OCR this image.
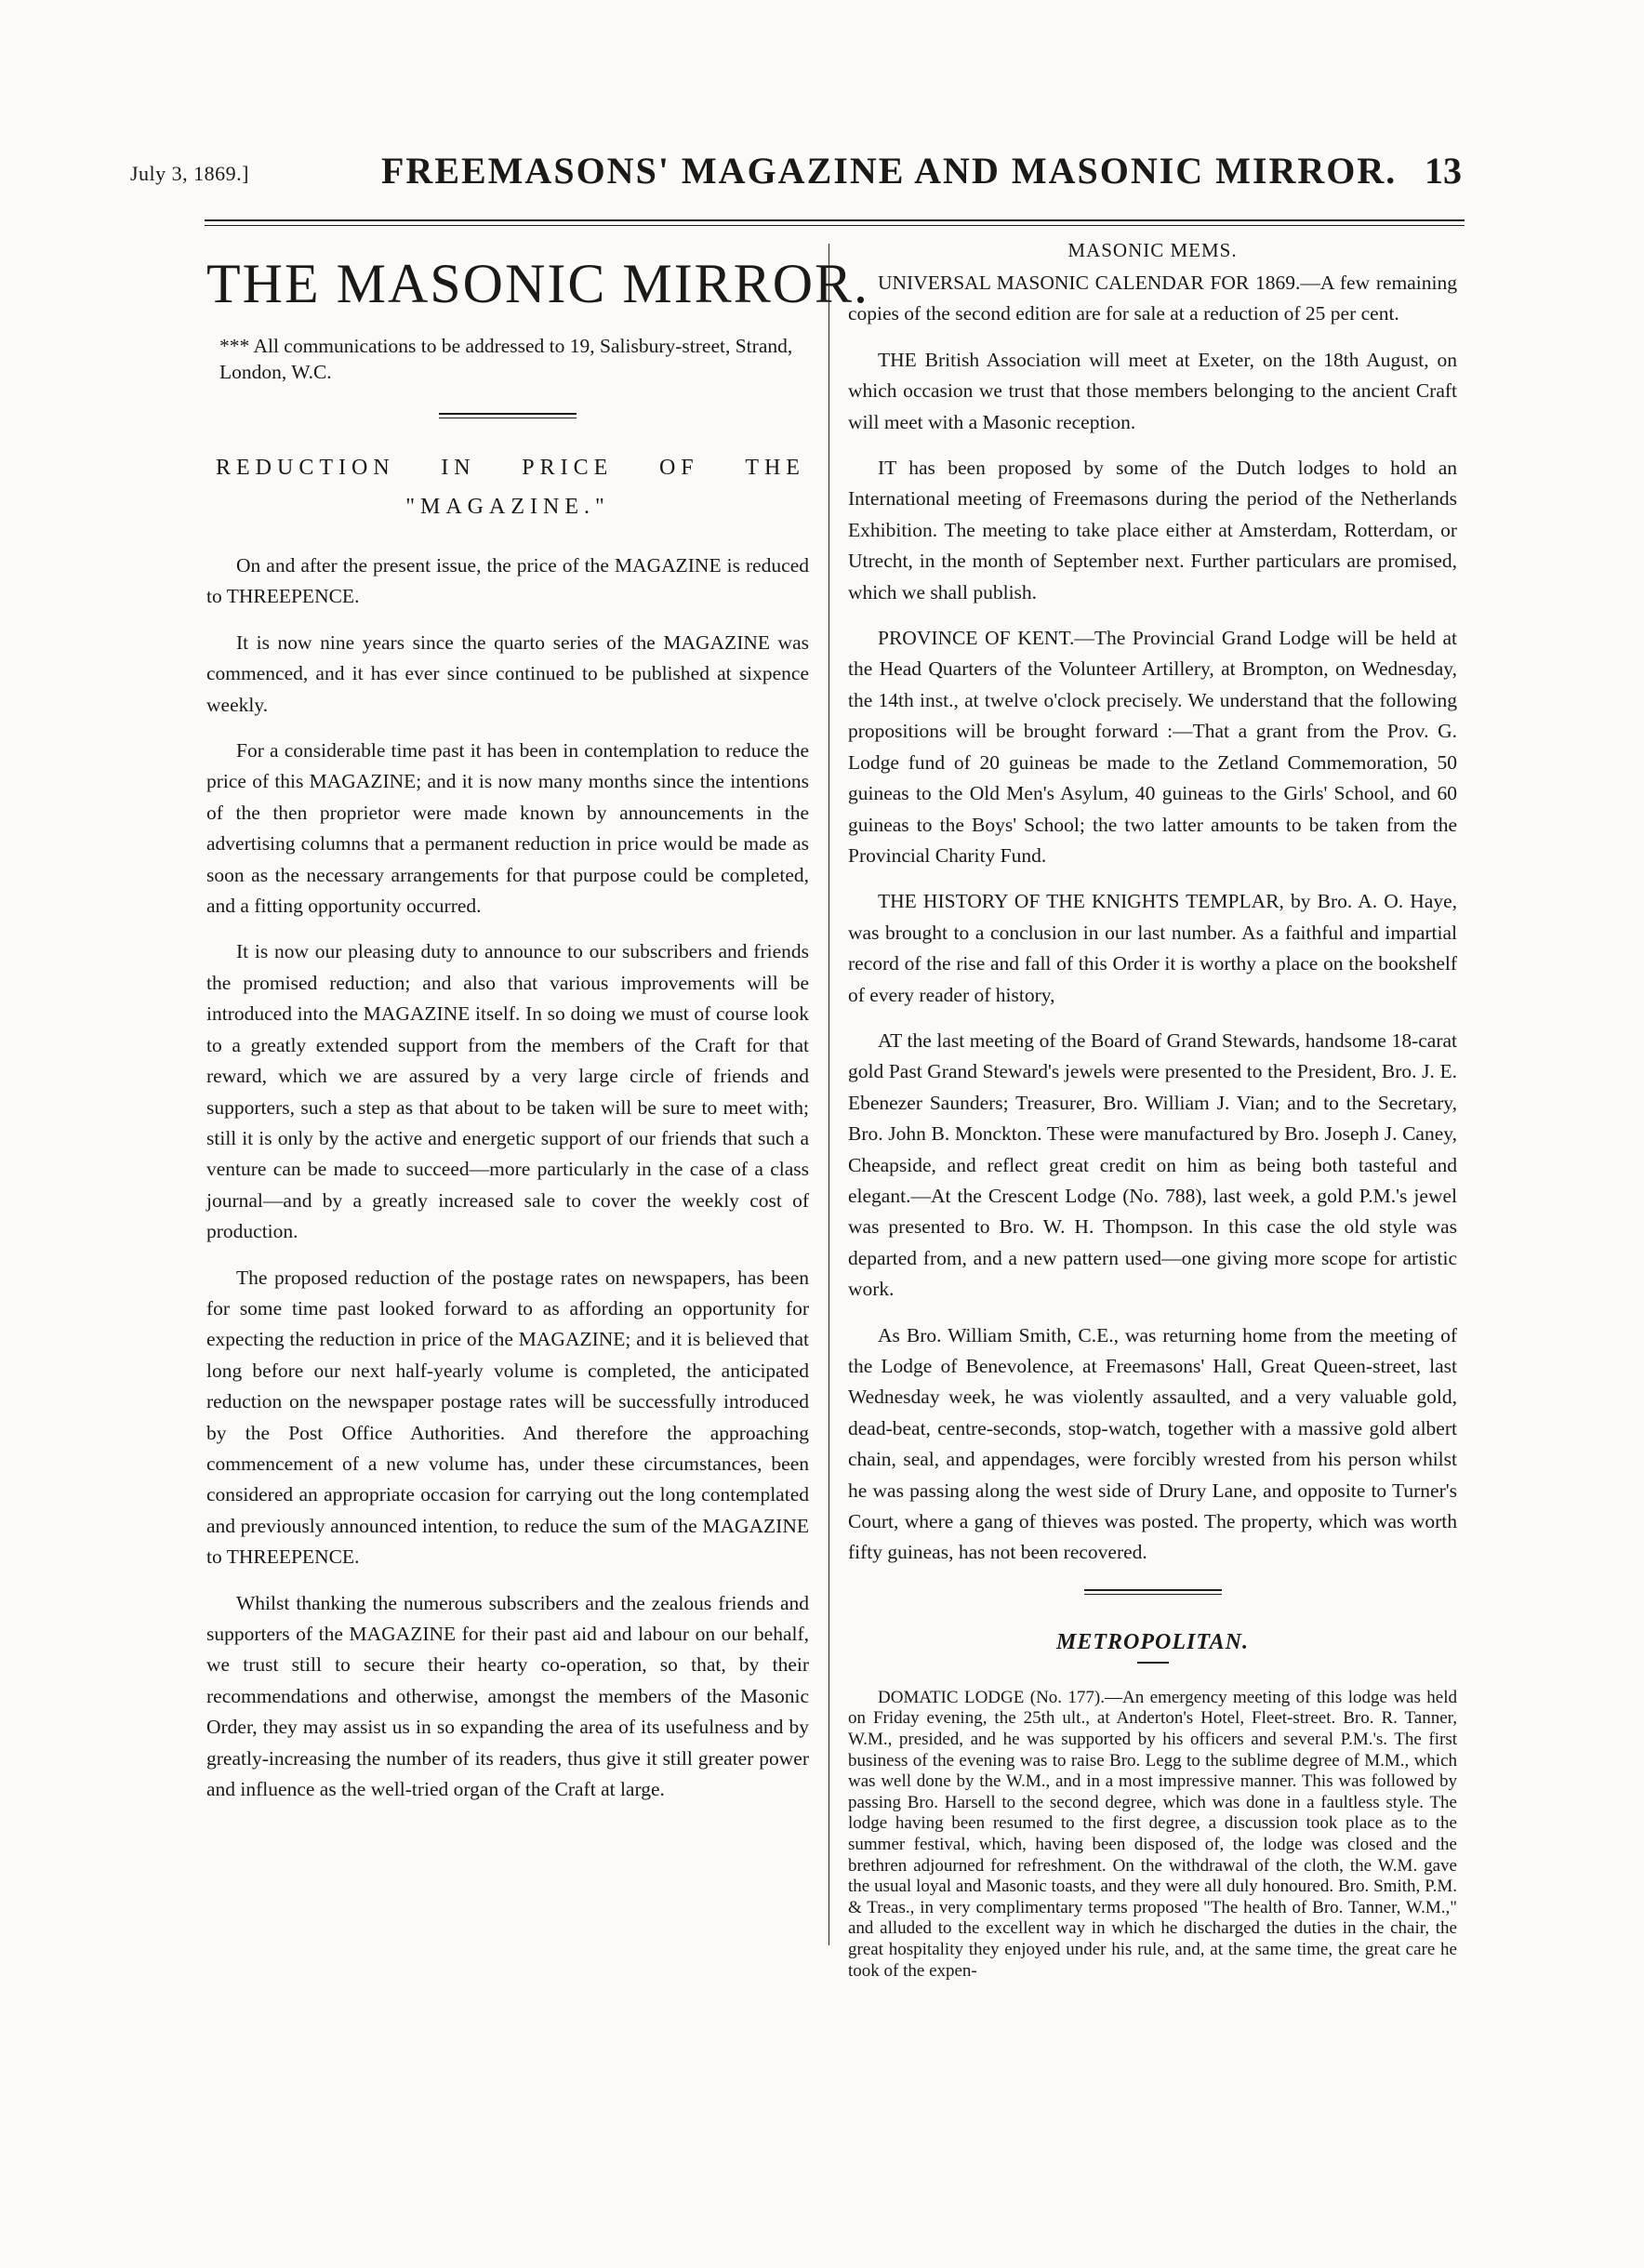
July 3, 1869.]	FREEMASONS' MAGAZINE AND MASONIC MIRROR. 13
THE MASONIC MIRROR.
*** All communications to be addressed to 19, Salisbury-street, Strand, London, W.C.
REDUCTION IN PRICE OF THE
"MAGAZINE."

On and after the present issue, the price of the MAGAZINE is reduced to THREEPENCE.

It is now nine years since the quarto series of the MAGAZINE was commenced, and it has ever since continued to be published at sixpence weekly.

For a considerable time past it has been in contemplation to reduce the price of this MAGAZINE; and it is now many months since the intentions of the then proprietor were made known by announcements in the advertising columns that a permanent reduction in price would be made as soon as the necessary arrangements for that purpose could be completed, and a fitting opportunity occurred.

It is now our pleasing duty to announce to our subscribers and friends the promised reduction; and also that various improvements will be introduced into the MAGAZINE itself. In so doing we must of course look to a greatly extended support from the members of the Craft for that reward, which we are assured by a very large circle of friends and supporters, such a step as that about to be taken will be sure to meet with; still it is only by the active and energetic support of our friends that such a venture can be made to succeed—more particularly in the case of a class journal—and by a greatly increased sale to cover the weekly cost of production.

The proposed reduction of the postage rates on newspapers, has been for some time past looked forward to as affording an opportunity for expecting the reduction in price of the MAGAZINE; and it is believed that long before our next half-yearly volume is completed, the anticipated reduction on the newspaper postage rates will be successfully introduced by the Post Office Authorities. And therefore the approaching commencement of a new volume has, under these circumstances, been considered an appropriate occasion for carrying out the long contemplated and previously announced intention, to reduce the sum of the MAGAZINE to THREEPENCE.

Whilst thanking the numerous subscribers and the zealous friends and supporters of the MAGAZINE for their past aid and labour on our behalf, we trust still to secure their hearty co-operation, so that, by their recommendations and otherwise, amongst the members of the Masonic Order, they may assist us in so expanding the area of its usefulness and by greatly-increasing the number of its readers, thus give it still greater power and influence as the well-tried organ of the Craft at large.

MASONIC MEMS.

UNIVERSAL MASONIC CALENDAR FOR 1869.—A few remaining copies of the second edition are for sale at a reduction of 25 per cent.

THE British Association will meet at Exeter, on the 18th August, on which occasion we trust that those members belonging to the ancient Craft will meet with a Masonic reception.

IT has been proposed by some of the Dutch lodges to hold an International meeting of Freemasons during the period of the Netherlands Exhibition. The meeting to take place either at Amsterdam, Rotterdam, or Utrecht, in the month of September next. Further particulars are promised, which we shall publish.

PROVINCE OF KENT.—The Provincial Grand Lodge will be held at the Head Quarters of the Volunteer Artillery, at Brompton, on Wednesday, the 14th inst., at twelve o'clock precisely. We understand that the following propositions will be brought forward :—That a grant from the Prov. G. Lodge fund of 20 guineas be made to the Zetland Commemoration, 50 guineas to the Old Men's Asylum, 40 guineas to the Girls' School, and 60 guineas to the Boys' School; the two latter amounts to be taken from the Provincial Charity Fund.

THE HISTORY OF THE KNIGHTS TEMPLAR, by Bro. A. O. Haye, was brought to a conclusion in our last number. As a faithful and impartial record of the rise and fall of this Order it is worthy a place on the bookshelf of every reader of history,

AT the last meeting of the Board of Grand Stewards, handsome 18-carat gold Past Grand Steward's jewels were presented to the President, Bro. J. E. Ebenezer Saunders; Treasurer, Bro. William J. Vian; and to the Secretary, Bro. John B. Monckton. These were manufactured by Bro. Joseph J. Caney, Cheapside, and reflect great credit on him as being both tasteful and elegant.—At the Crescent Lodge (No. 788), last week, a gold P.M.'s jewel was presented to Bro. W. H. Thompson. In this case the old style was departed from, and a new pattern used—one giving more scope for artistic work.

As Bro. William Smith, C.E., was returning home from the meeting of the Lodge of Benevolence, at Freemasons' Hall, Great Queen-street, last Wednesday week, he was violently assaulted, and a very valuable gold, dead-beat, centre-seconds, stop-watch, together with a massive gold albert chain, seal, and appendages, were forcibly wrested from his person whilst he was passing along the west side of Drury Lane, and opposite to Turner's Court, where a gang of thieves was posted. The property, which was worth fifty guineas, has not been recovered.

METROPOLITAN.

DOMATIC LODGE (No. 177).—An emergency meeting of this lodge was held on Friday evening, the 25th ult., at Anderton's Hotel, Fleet-street. Bro. R. Tanner, W.M., presided, and he was supported by his officers and several P.M.'s. The first business of the evening was to raise Bro. Legg to the sublime degree of M.M., which was well done by the W.M., and in a most impressive manner. This was followed by passing Bro. Harsell to the second degree, which was done in a faultless style. The lodge having been resumed to the first degree, a discussion took place as to the summer festival, which, having been disposed of, the lodge was closed and the brethren adjourned for refreshment. On the withdrawal of the cloth, the W.M. gave the usual loyal and Masonic toasts, and they were all duly honoured. Bro. Smith, P.M. & Treas., in very complimentary terms proposed "The health of Bro. Tanner, W.M.," and alluded to the excellent way in which he discharged the duties in the chair, the great hospitality they enjoyed under his rule, and, at the same time, the great care he took of the expen-
